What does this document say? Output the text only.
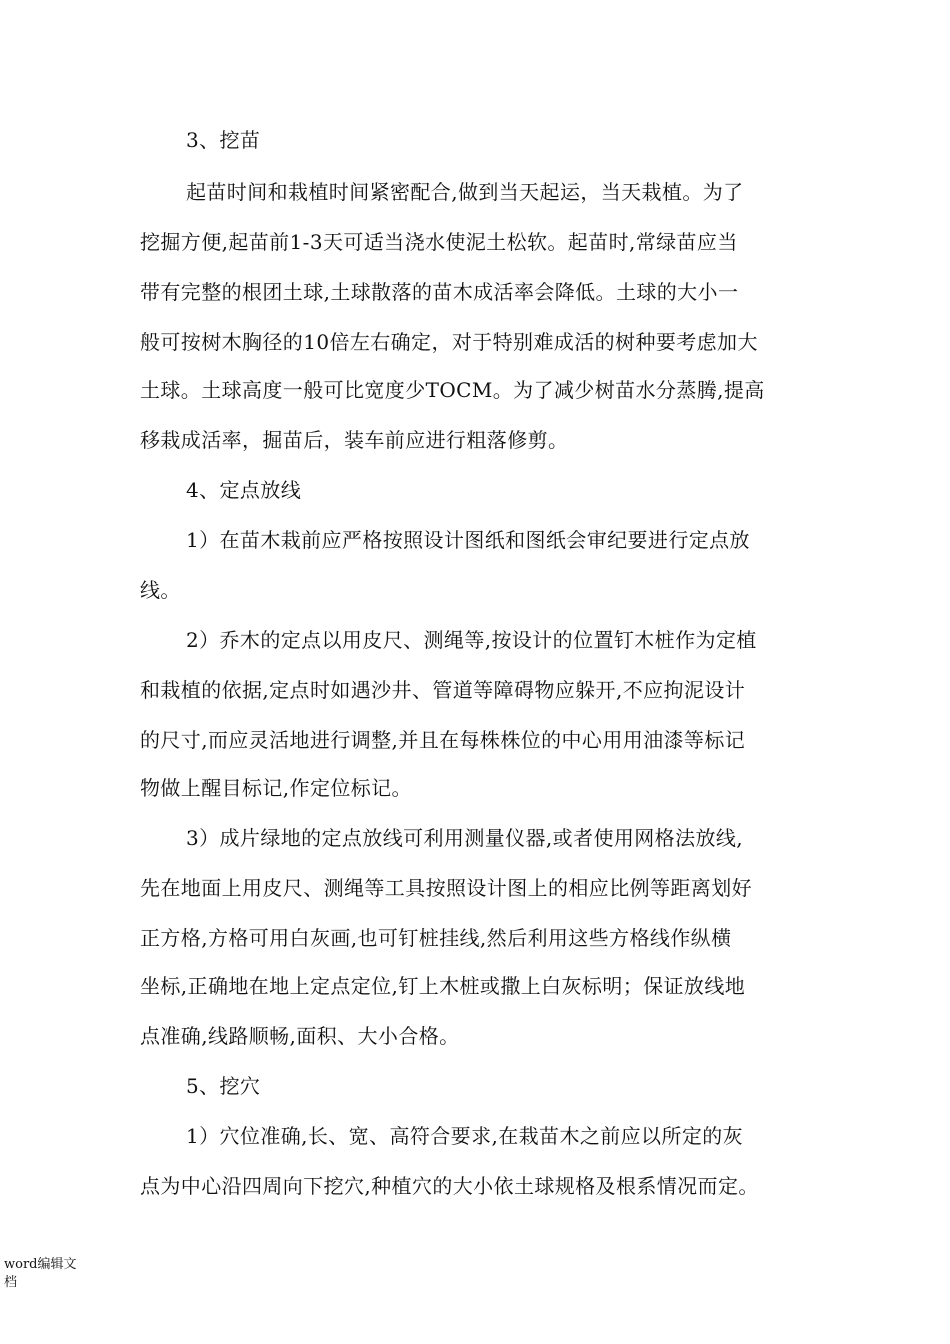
3、挖苗
起苗时间和栽植时间紧密配合,做到当天起运，当天栽植。为了
挖掘方便,起苗前1-3天可适当浇水使泥土松软。起苗时,常绿苗应当
带有完整的根团土球,土球散落的苗木成活率会降低。土球的大小一
般可按树木胸径的10倍左右确定，对于特别难成活的树种要考虑加大
土球。土球高度一般可比宽度少TOCM。为了减少树苗水分蒸腾,提高
移栽成活率，掘苗后，装车前应进行粗落修剪。
4、定点放线
1）在苗木栽前应严格按照设计图纸和图纸会审纪要进行定点放
线。
2）乔木的定点以用皮尺、测绳等,按设计的位置钉木桩作为定植
和栽植的依据,定点时如遇沙井、管道等障碍物应躲开,不应拘泥设计
的尺寸,而应灵活地进行调整,并且在每株株位的中心用用油漆等标记
物做上醒目标记,作定位标记。
3）成片绿地的定点放线可利用测量仪器,或者使用网格法放线,
先在地面上用皮尺、测绳等工具按照设计图上的相应比例等距离划好
正方格,方格可用白灰画,也可钉桩挂线,然后利用这些方格线作纵横
坐标,正确地在地上定点定位,钉上木桩或撒上白灰标明；保证放线地
点准确,线路顺畅,面积、大小合格。
5、挖穴
1）穴位准确,长、宽、高符合要求,在栽苗木之前应以所定的灰
点为中心沿四周向下挖穴,种植穴的大小依土球规格及根系情况而定。
word编辑文
档
